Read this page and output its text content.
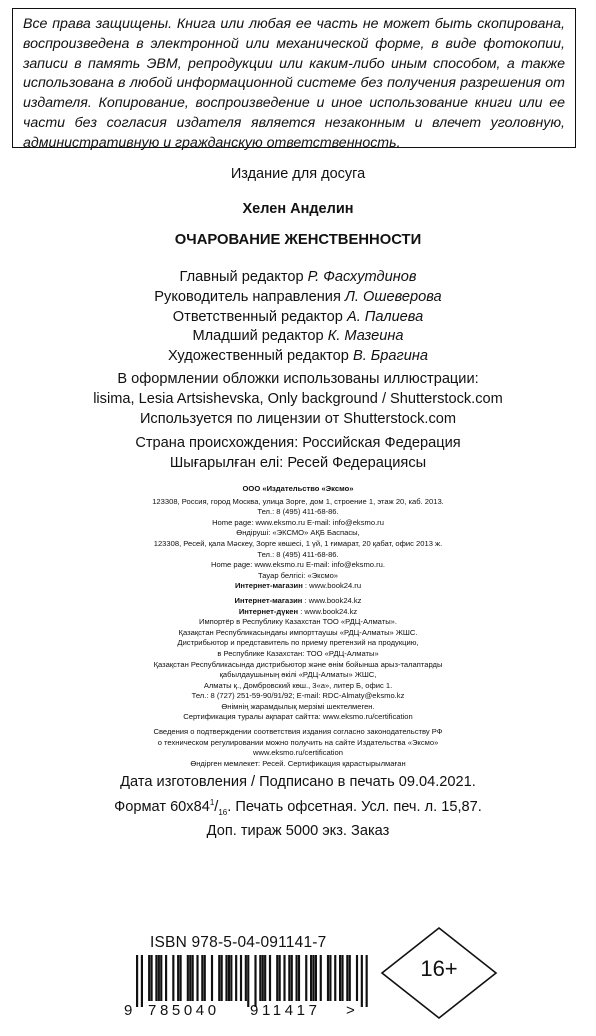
Все права защищены. Книга или любая ее часть не может быть скопирована, воспроизведена в электронной или механической форме, в виде фотокопии, записи в память ЭВМ, репродукции или каким-либо иным способом, а также использована в любой информационной системе без получения разрешения от издателя. Копирование, воспроизведение и иное использование книги или ее части без согласия издателя является незаконным и влечет уголовную, административную и гражданскую ответственность.
Издание для досуга
Хелен Анделин
ОЧАРОВАНИЕ ЖЕНСТВЕННОСТИ
Главный редактор Р. Фасхутдинов
Руководитель направления Л. Ошеверова
Ответственный редактор А. Палиева
Младший редактор К. Мазеина
Художественный редактор В. Брагина
В оформлении обложки использованы иллюстрации:
lisima, Lesia Artsishevska, Only background / Shutterstock.com
Используется по лицензии от Shutterstock.com
Страна происхождения: Российская Федерация
Шығарылған елі: Ресей Федерациясы
ООО «Издательство «Эксмо»
123308, Россия, город Москва, улица Зорге, дом 1, строение 1, этаж 20, каб. 2013.
Тел.: 8 (495) 411-68-86.
Home page: www.eksmo.ru E-mail: info@eksmo.ru
Өндіруші: «ЭКСМО» АҚБ Баспасы,
123308, Ресей, қала Мәскеу, Зорге көшесі, 1 үй, 1 ғимарат, 20 қабат, офис 2013 ж.
Тел.: 8 (495) 411-68-86.
Home page: www.eksmo.ru E-mail: info@eksmo.ru.
Тауар белгісі: «Эксмо»
Интернет-магазин : www.book24.ru
Интернет-магазин : www.book24.kz
Интернет-дүкен : www.book24.kz
Импортёр в Республику Казахстан ТОО «РДЦ-Алматы».
Қазақстан Республикасындағы импорттаушы «РДЦ-Алматы» ЖШС.
Дистрибьютор и представитель по приему претензий на продукцию,
в Республике Казахстан: ТОО «РДЦ-Алматы»
Қазақстан Республикасында дистрибьютор және өнім бойынша арыз-талаптарды
қабылдаушының өкілі «РДЦ-Алматы» ЖШС,
Алматы қ., Домбровский көш., 3«а», литер Б, офис 1.
Тел.: 8 (727) 251-59-90/91/92; E-mail: RDC-Almaty@eksmo.kz
Өнімнің жарамдылық мерзімі шектелмеген.
Сертификация туралы ақпарат сайтта: www.eksmo.ru/certification
Сведения о подтверждении соответствия издания согласно законодательству РФ
о техническом регулировании можно получить на сайте Издательства «Эксмо»
www.eksmo.ru/certification
Өндірген мемлекет: Ресей. Сертификация қарастырылмаған
Дата изготовления / Подписано в печать 09.04.2021.
Формат $60x84^1/_{16}$. Печать офсетная. Усл. печ. л. 15,87.
Доп. тираж 5000 экз. Заказ
ISBN 978-5-04-091141-7
9 785040 911417 >
16+
